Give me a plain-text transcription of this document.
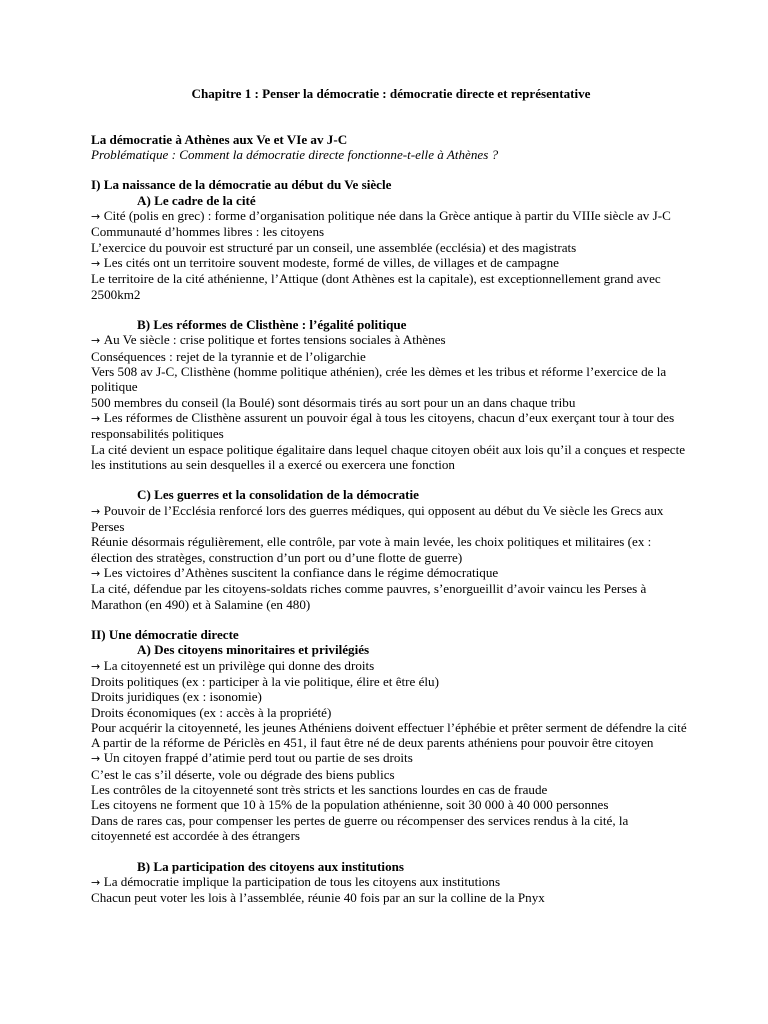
Chapitre 1 : Penser la démocratie : démocratie directe et représentative

La démocratie à Athènes aux Ve et VIe av J-C

Problématique : Comment la démocratie directe fonctionne-t-elle à Athènes ?

I) La naissance de la démocratie au début du Ve siècle

A) Le cadre de la cité

→ Cité (polis en grec) : forme d’organisation politique née dans la Grèce antique à partir du VIIIe siècle av J-C

Communauté d’hommes libres : les citoyens

L’exercice du pouvoir est structuré par un conseil, une assemblée (ecclésia) et des magistrats

→ Les cités ont un territoire souvent modeste, formé de villes, de villages et de campagne

Le territoire de la cité athénienne, l’Attique (dont Athènes est la capitale), est exceptionnellement grand avec 2500km2

B) Les réformes de Clisthène : l’égalité politique

→ Au Ve siècle : crise politique et fortes tensions sociales à Athènes

Conséquences : rejet de la tyrannie et de l’oligarchie

Vers 508 av J-C, Clisthène (homme politique athénien), crée les dèmes et les tribus et réforme l’exercice de la politique

500 membres du conseil (la Boulé) sont désormais tirés au sort pour un an dans chaque tribu

→ Les réformes de Clisthène assurent un pouvoir égal à tous les citoyens, chacun d’eux exerçant tour à tour des responsabilités politiques

La cité devient un espace politique égalitaire dans lequel chaque citoyen obéit aux lois qu’il a conçues et respecte les institutions au sein desquelles il a exercé ou exercera une fonction

C) Les guerres et la consolidation de la démocratie

→ Pouvoir de l’Ecclésia renforcé lors des guerres médiques, qui opposent au début du Ve siècle les Grecs aux Perses

Réunie désormais régulièrement, elle contrôle, par vote à main levée, les choix politiques et militaires (ex : élection des stratèges, construction d’un port ou d’une flotte de guerre)

→ Les victoires d’Athènes suscitent la confiance dans le régime démocratique

La cité, défendue par les citoyens-soldats riches comme pauvres, s’enorgueillit d’avoir vaincu les Perses à Marathon (en 490) et à Salamine (en 480)

II) Une démocratie directe

A) Des citoyens minoritaires et privilégiés

→ La citoyenneté est un privilège qui donne des droits

Droits politiques (ex : participer à la vie politique, élire et être élu)

Droits juridiques (ex : isonomie)

Droits économiques (ex : accès à la propriété)

Pour acquérir la citoyenneté, les jeunes Athéniens doivent effectuer l’éphébie et prêter serment de défendre la cité

A partir de la réforme de Périclès en 451, il faut être né de deux parents athéniens pour pouvoir être citoyen

→ Un citoyen frappé d’atimie perd tout ou partie de ses droits

C’est le cas s’il déserte, vole ou dégrade des biens publics

Les contrôles de la citoyenneté sont très stricts et les sanctions lourdes en cas de fraude

Les citoyens ne forment que 10 à 15% de la population athénienne, soit 30 000 à 40 000 personnes

Dans de rares cas, pour compenser les pertes de guerre ou récompenser des services rendus à la cité, la citoyenneté est accordée à des étrangers

B) La participation des citoyens aux institutions

→ La démocratie implique la participation de tous les citoyens aux institutions

Chacun peut voter les lois à l’assemblée, réunie 40 fois par an sur la colline de la Pnyx
